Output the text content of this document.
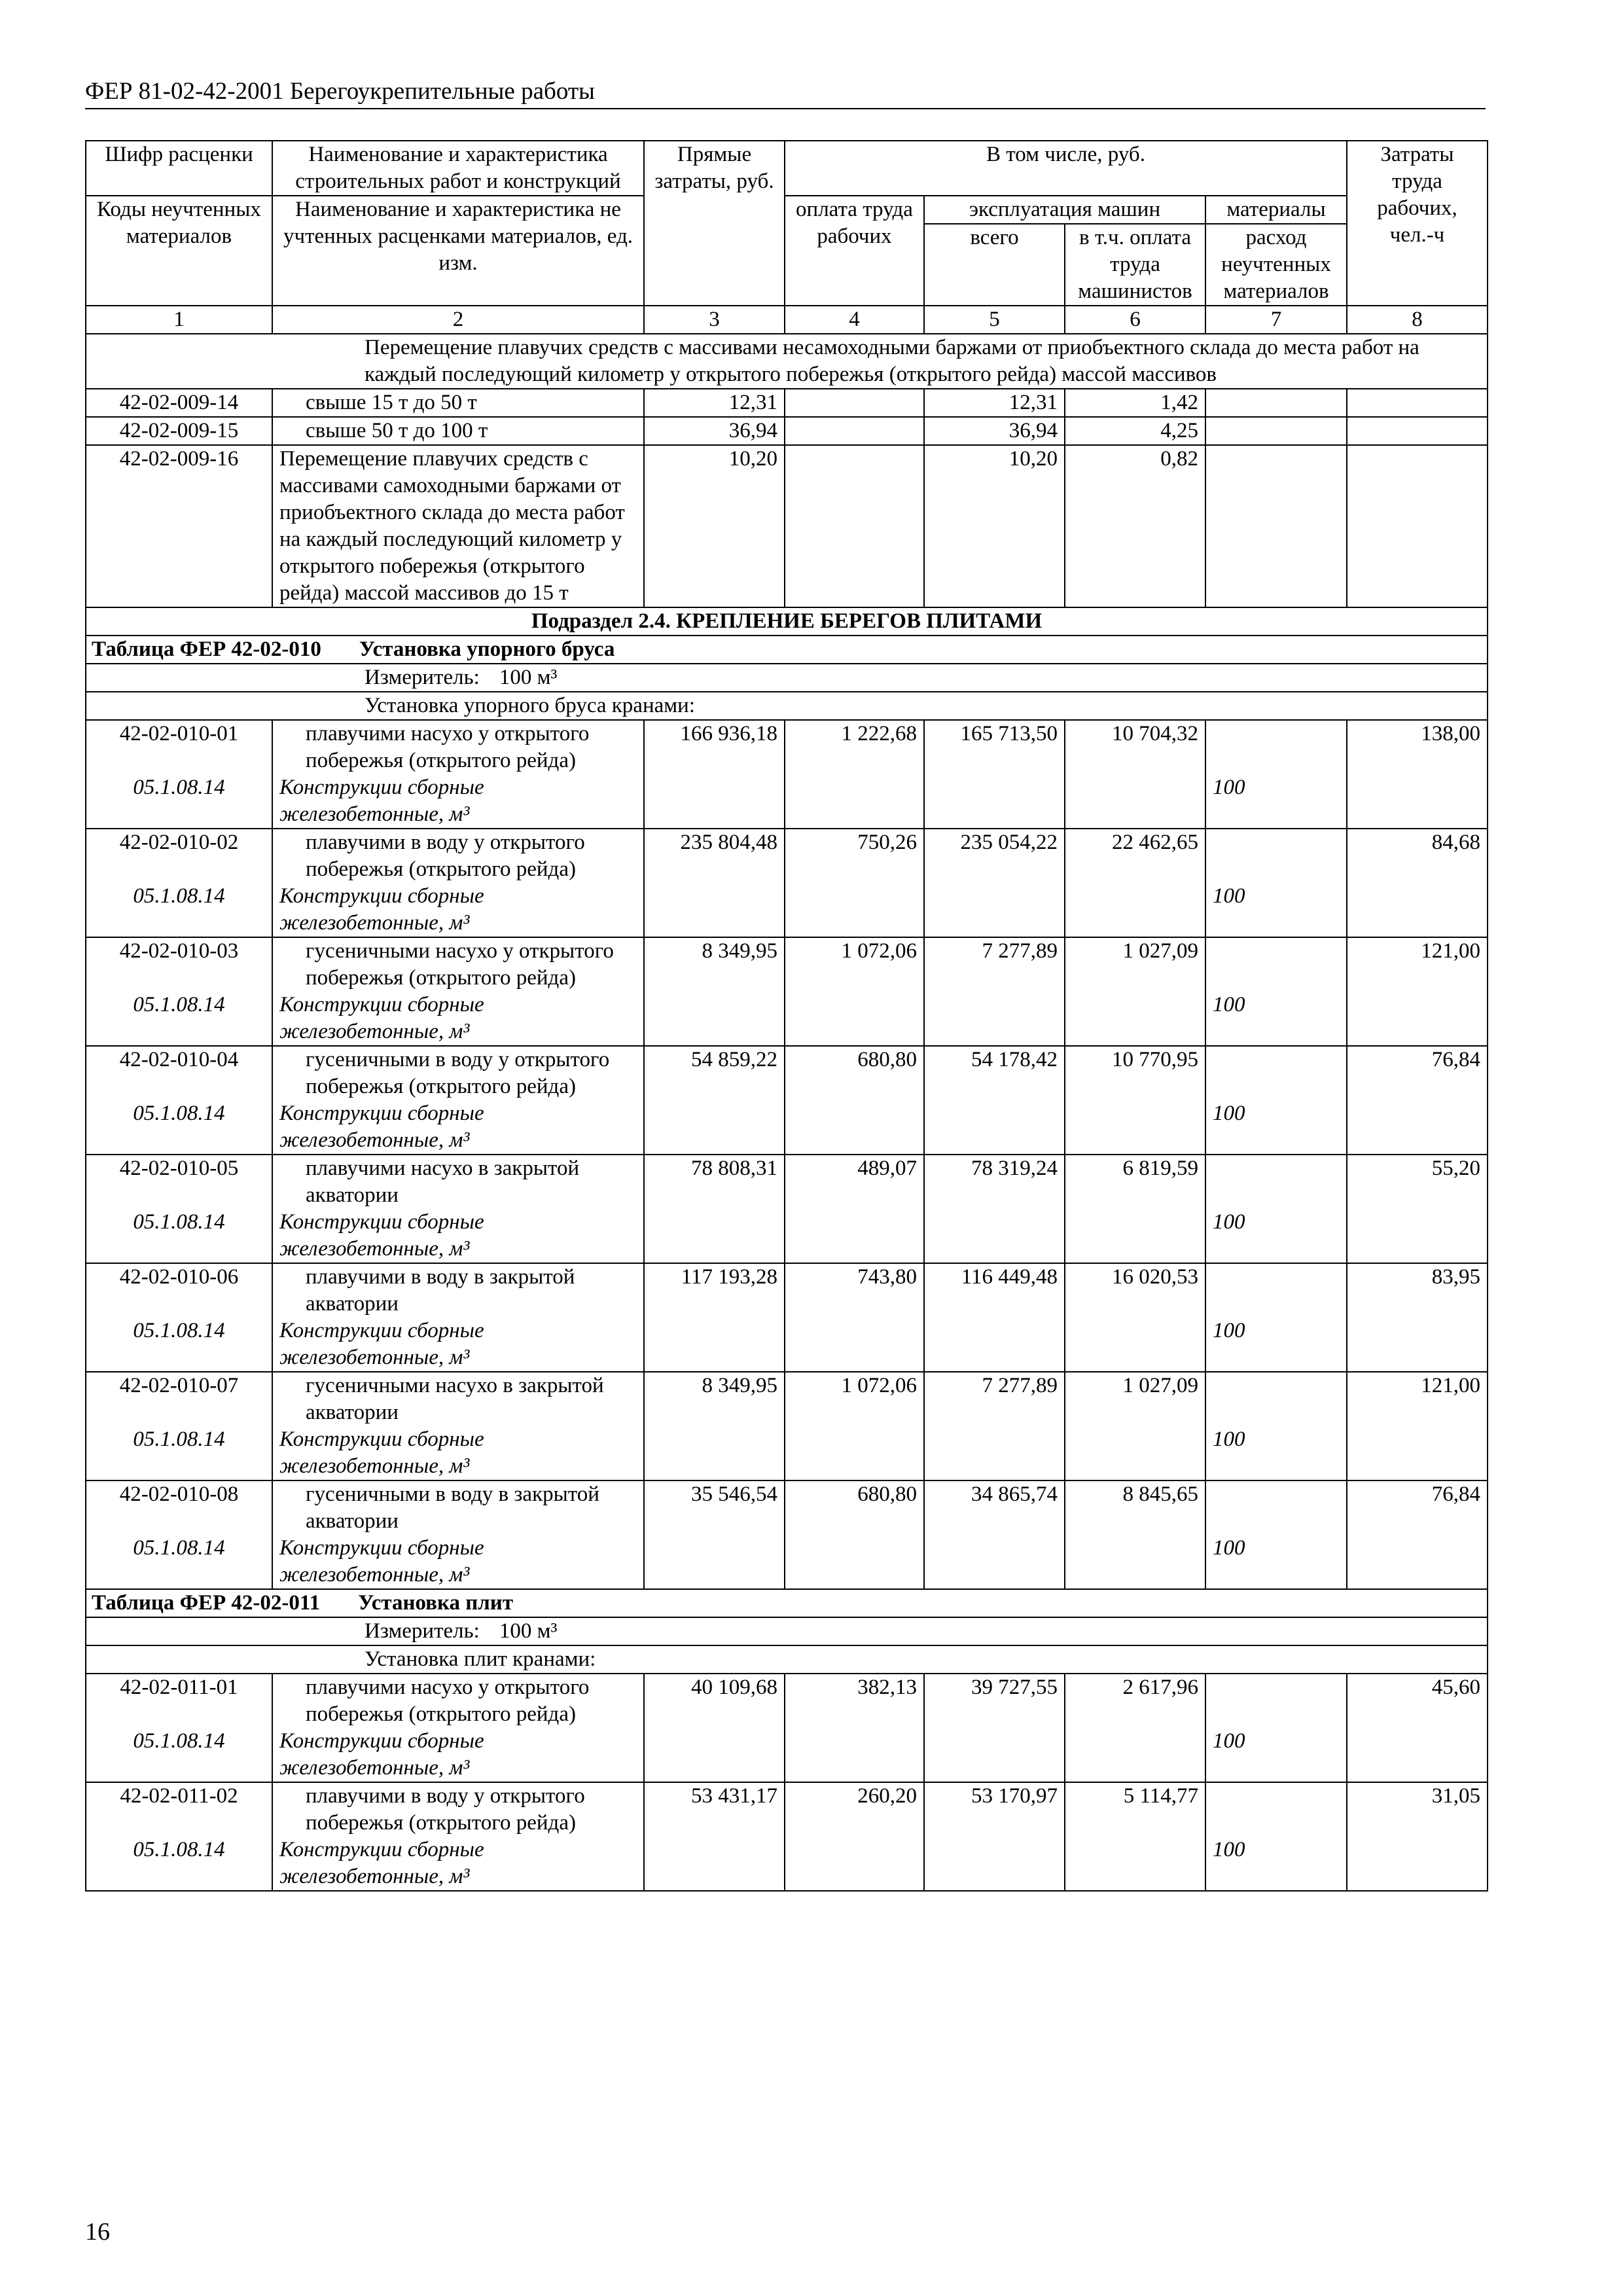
ФЕР 81-02-42-2001 Берегоукрепительные работы
Шифр расценки	Наименование и характеристика строительных работ и конструкций	Прямые затраты, руб.	В том числе, руб.				Затраты труда рабочих, чел.-ч
Коды неучтенных материалов	Наименование и характеристика не учтенных расценками материалов, ед. изм.		оплата труда рабочих	эксплуатация машин		материалы	
				всего	в т.ч. оплата труда машинистов	расход неучтенных материалов	
1	2	3	4	5	6	7	8
Перемещение плавучих средств с массивами несамоходными баржами от приобъектного склада до места работ на каждый последующий километр у открытого побережья (открытого рейда) массой массивов							
42-02-009-14	свыше 15 т до 50 т	12,31		12,31	1,42		
42-02-009-15	свыше 50 т до 100 т	36,94		36,94	4,25		
42-02-009-16	Перемещение плавучих средств с массивами самоходными баржами от приобъектного склада до места работ на каждый последующий километр у открытого побережья (открытого рейда) массой массивов до 15 т	10,20		10,20	0,82		
Подраздел 2.4. КРЕПЛЕНИЕ БЕРЕГОВ ПЛИТАМИ							
Таблица ФЕР 42-02-010 Установка упорного бруса							
Измеритель: 100 м³							
Установка упорного бруса кранами:							
42-02-010-01	плавучими насухо у открытого побережья (открытого рейда)	166 936,18	1 222,68	165 713,50	10 704,32		138,00
05.1.08.14	Конструкции сборные железобетонные, м³					100	
42-02-010-02	плавучими в воду у открытого побережья (открытого рейда)	235 804,48	750,26	235 054,22	22 462,65		84,68
05.1.08.14	Конструкции сборные железобетонные, м³					100	
42-02-010-03	гусеничными насухо у открытого побережья (открытого рейда)	8 349,95	1 072,06	7 277,89	1 027,09		121,00
05.1.08.14	Конструкции сборные железобетонные, м³					100	
42-02-010-04	гусеничными в воду у открытого побережья (открытого рейда)	54 859,22	680,80	54 178,42	10 770,95		76,84
05.1.08.14	Конструкции сборные железобетонные, м³					100	
42-02-010-05	плавучими насухо в закрытой акватории	78 808,31	489,07	78 319,24	6 819,59		55,20
05.1.08.14	Конструкции сборные железобетонные, м³					100	
42-02-010-06	плавучими в воду в закрытой акватории	117 193,28	743,80	116 449,48	16 020,53		83,95
05.1.08.14	Конструкции сборные железобетонные, м³					100	
42-02-010-07	гусеничными насухо в закрытой акватории	8 349,95	1 072,06	7 277,89	1 027,09		121,00
05.1.08.14	Конструкции сборные железобетонные, м³					100	
42-02-010-08	гусеничными в воду в закрытой акватории	35 546,54	680,80	34 865,74	8 845,65		76,84
05.1.08.14	Конструкции сборные железобетонные, м³					100	
Таблица ФЕР 42-02-011 Установка плит							
Измеритель: 100 м³							
Установка плит кранами:							
42-02-011-01	плавучими насухо у открытого побережья (открытого рейда)	40 109,68	382,13	39 727,55	2 617,96		45,60
05.1.08.14	Конструкции сборные железобетонные, м³					100	
42-02-011-02	плавучими в воду у открытого побережья (открытого рейда)	53 431,17	260,20	53 170,97	5 114,77		31,05
05.1.08.14	Конструкции сборные железобетонные, м³					100	
16
